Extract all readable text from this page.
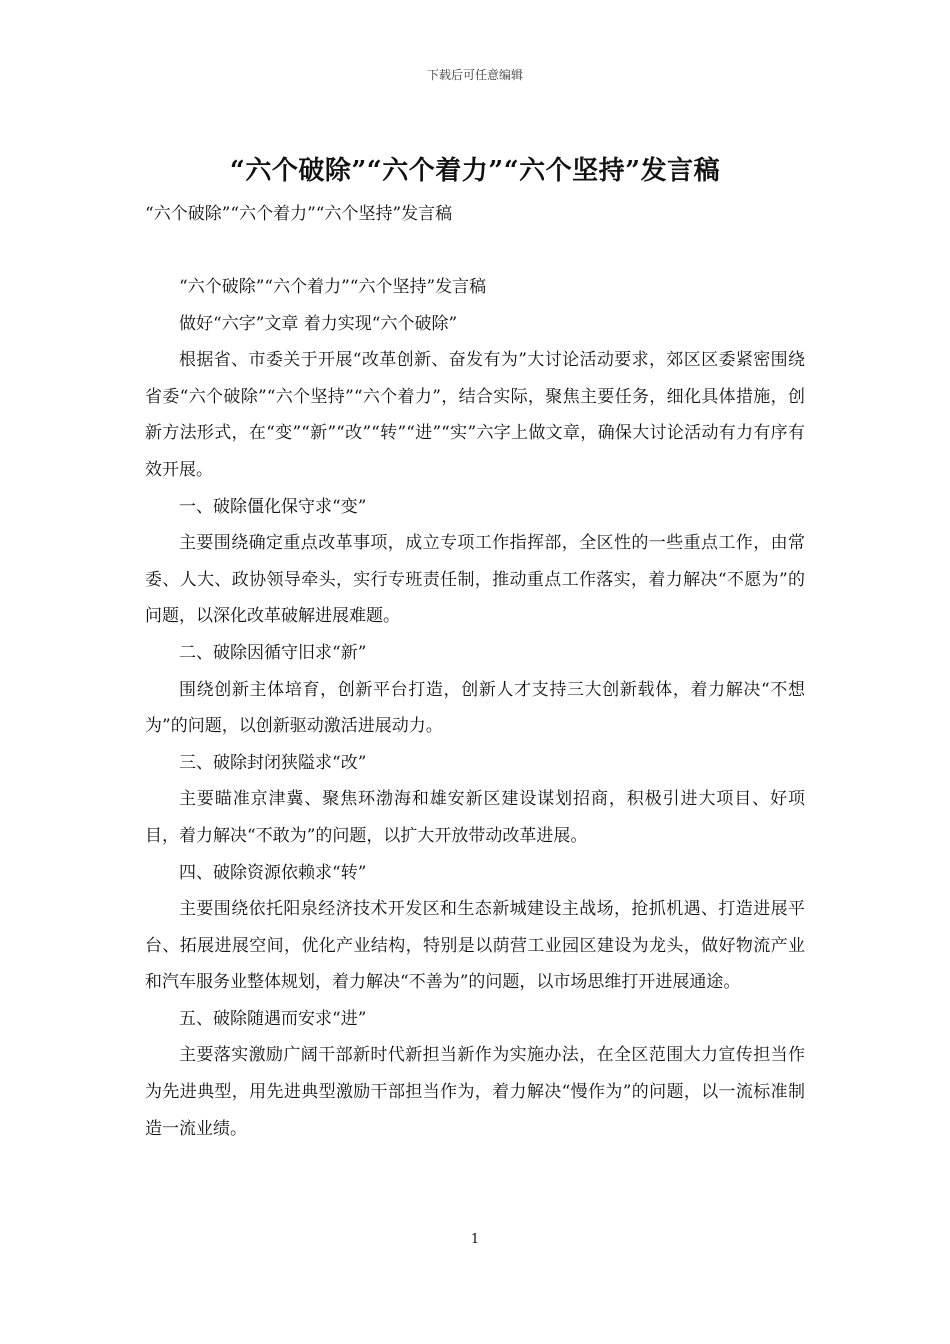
下载后可任意编辑
“六个破除”“六个着力”“六个坚持”发言稿
“六个破除”“六个着力”“六个坚持”发言稿

“六个破除”“六个着力”“六个坚持”发言稿

做好“六字”文章 着力实现“六个破除”

根据省、市委关于开展“改革创新、奋发有为”大讨论活动要求，郊区区委紧密围绕省委“六个破除”“六个坚持”“六个着力”，结合实际，聚焦主要任务，细化具体措施，创新方法形式，在“变”“新”“改”“转”“进”“实”六字上做文章，确保大讨论活动有力有序有效开展。

一、破除僵化保守求“变”

主要围绕确定重点改革事项，成立专项工作指挥部，全区性的一些重点工作，由常委、人大、政协领导牵头，实行专班责任制，推动重点工作落实，着力解决“不愿为”的问题，以深化改革破解进展难题。

二、破除因循守旧求“新”

围绕创新主体培育，创新平台打造，创新人才支持三大创新载体，着力解决“不想为”的问题，以创新驱动激活进展动力。

三、破除封闭狭隘求“改”

主要瞄准京津冀、聚焦环渤海和雄安新区建设谋划招商，积极引进大项目、好项目，着力解决“不敢为”的问题，以扩大开放带动改革进展。

四、破除资源依赖求“转”

主要围绕依托阳泉经济技术开发区和生态新城建设主战场，抢抓机遇、打造进展平台、拓展进展空间，优化产业结构，特别是以荫营工业园区建设为龙头，做好物流产业和汽车服务业整体规划，着力解决“不善为”的问题，以市场思维打开进展通途。

五、破除随遇而安求“进”

主要落实激励广阔干部新时代新担当新作为实施办法，在全区范围大力宣传担当作为先进典型，用先进典型激励干部担当作为，着力解决“慢作为”的问题，以一流标准制造一流业绩。

1
